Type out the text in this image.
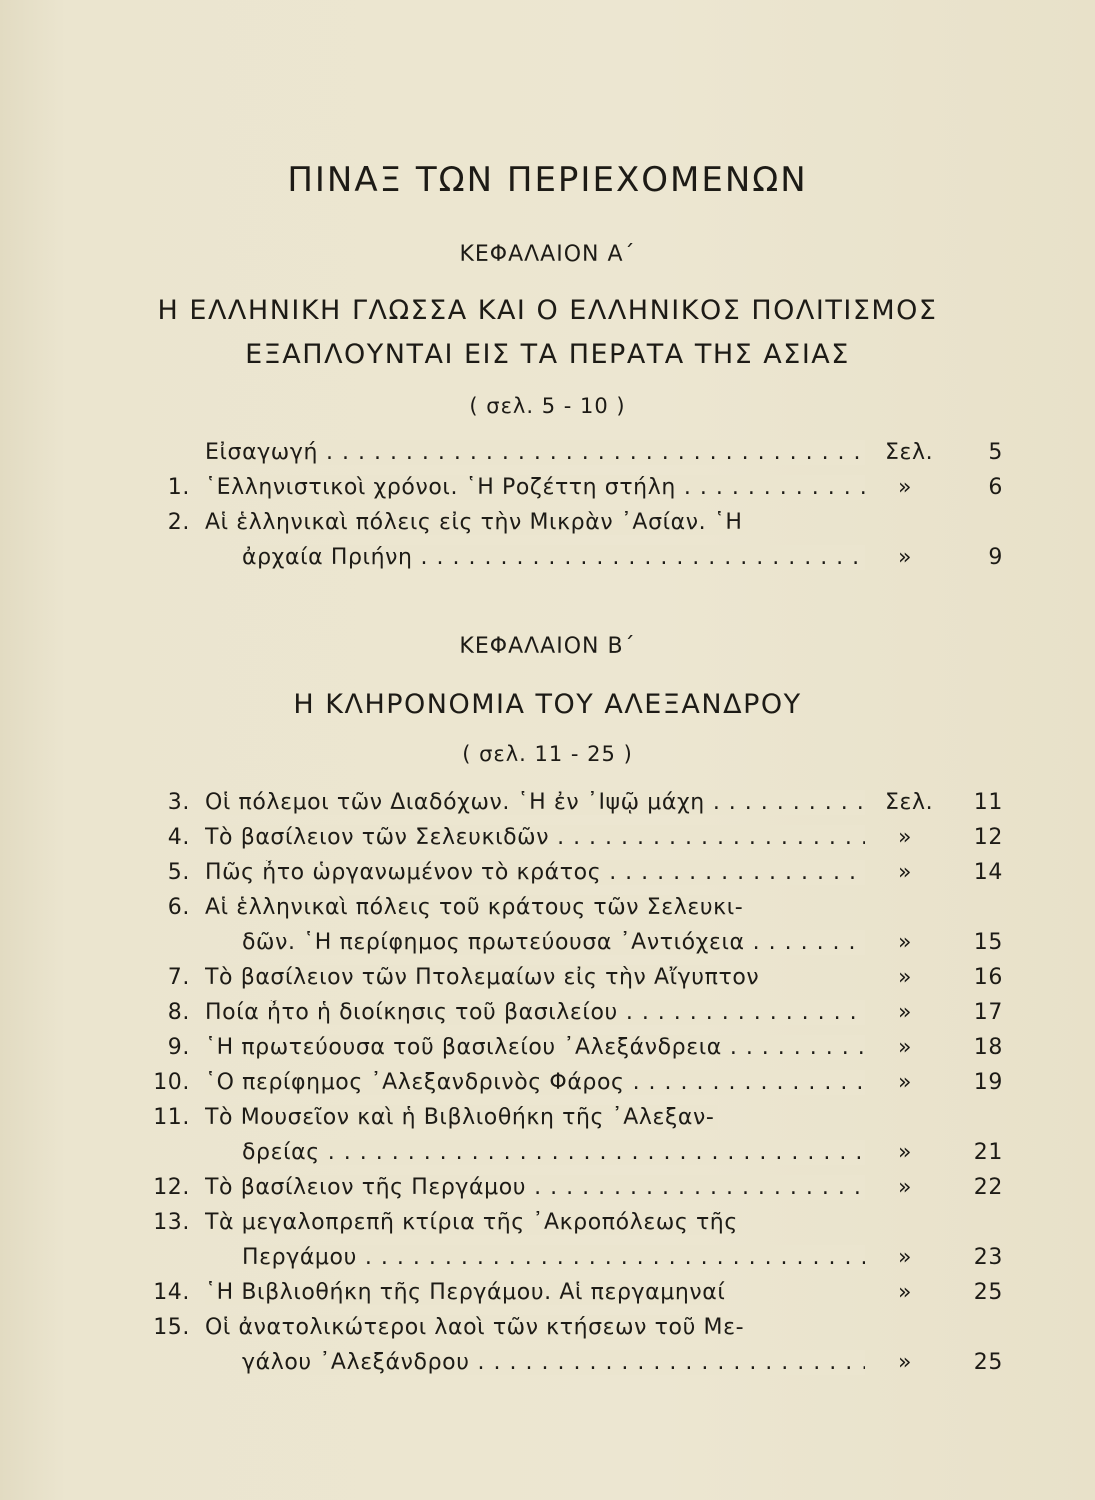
ΠΙΝΑΞ ΤΩΝ ΠΕΡΙΕΧΟΜΕΝΩΝ
ΚΕΦΑΛΑΙΟΝ Α΄
Η ΕΛΛΗΝΙΚΗ ΓΛΩΣΣΑ ΚΑΙ Ο ΕΛΛΗΝΙΚΟΣ ΠΟΛΙΤΙΣΜΟΣ
ΕΞΑΠΛΟΥΝΤΑΙ ΕΙΣ ΤΑ ΠΕΡΑΤΑ ΤΗΣ ΑΣΙΑΣ
( σελ. 5 - 10 )
Εἰσαγωγή . . .	Σελ.	5
1. ῾Ελληνιστικοὶ χρόνοι. ῾Η Ροζέττη στήλη . . .	»	6
2. Αἱ ἑλληνικαὶ πόλεις εἰς τὴν Μικρὰν ᾿Ασίαν. ῾Η
ἀρχαία Πριήνη . . .	»	9
ΚΕΦΑΛΑΙΟΝ Β΄
Η ΚΛΗΡΟΝΟΜΙΑ ΤΟΥ ΑΛΕΞΑΝΔΡΟΥ
( σελ. 11 - 25 )
3. Οἱ πόλεμοι τῶν Διαδόχων. ῾Η ἐν ᾿Ιψῷ μάχη . . .	Σελ. 11
4. Τὸ βασίλειον τῶν Σελευκιδῶν . . .	»	12
5. Πῶς ἦτο ὡργανωμένον τὸ κράτος . . .	»	14
6. Αἱ ἑλληνικαὶ πόλεις τοῦ κράτους τῶν Σελευκι-
δῶν. ῾Η περίφημος πρωτεύουσα ᾿Αντιόχεια . . .	»	15
7. Τὸ βασίλειον τῶν Πτολεμαίων εἰς τὴν Αἴγυπτον	»	16
8. Ποία ἦτο ἡ διοίκησις τοῦ βασιλείου . . .	»	17
9. ῾Η πρωτεύουσα τοῦ βασιλείου ᾿Αλεξάνδρεια . . .	»	18
10. ῾Ο περίφημος ᾿Αλεξανδρινὸς Φάρος . . .	»	19
11. Τὸ Μουσεῖον καὶ ἡ Βιβλιοθήκη τῆς ᾿Αλεξαν-
δρείας . . .	»	21
12. Τὸ βασίλειον τῆς Περγάμου . . .	»	22
13. Τὰ μεγαλοπρεπῆ κτίρια τῆς ᾿Ακροπόλεως τῆς
Περγάμου . . .	»	23
14. ῾Η Βιβλιοθήκη τῆς Περγάμου. Αἱ περγαμηναί	»	25
15. Οἱ ἀνατολικώτεροι λαοὶ τῶν κτήσεων τοῦ Με-
γάλου ᾿Αλεξάνδρου . . .	»	25
